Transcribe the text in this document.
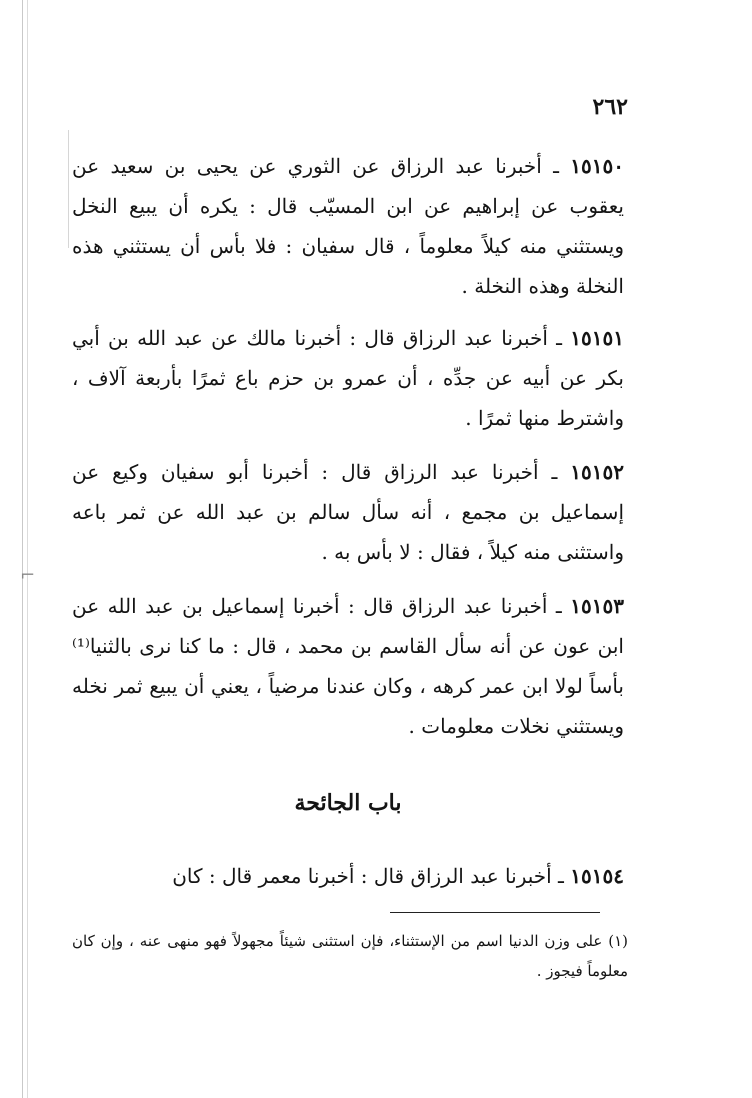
⌐
٢٦٢
١٥١٥٠ ـ أخبرنا عبد الرزاق عن الثوري عن يحيى بن سعيد عن يعقوب عن إبراهيم عن ابن المسيّب قال : يكره أن يبيع النخل ويستثني منه كيلاً معلوماً ، قال سفيان : فلا بأس أن يستثني هذه النخلة وهذه النخلة .
١٥١٥١ ـ أخبرنا عبد الرزاق قال : أخبرنا مالك عن عبد الله بن أبي بكر عن أبيه عن جدِّه ، أن عمرو بن حزم باع ثمرًا بأربعة آلاف ، واشترط منها ثمرًا .
١٥١٥٢ ـ أخبرنا عبد الرزاق قال : أخبرنا أبو سفيان وكيع عن إسماعيل بن مجمع ، أنه سأل سالم بن عبد الله عن ثمر باعه واستثنى منه كيلاً ، فقال : لا بأس به .
١٥١٥٣ ـ أخبرنا عبد الرزاق قال : أخبرنا إسماعيل بن عبد الله عن ابن عون عن أنه سأل القاسم بن محمد ، قال : ما كنا نرى بالثنيا⁽¹⁾ بأساً لولا ابن عمر كرهه ، وكان عندنا مرضياً ، يعني أن يبيع ثمر نخله ويستثني نخلات معلومات .
باب الجائحة
١٥١٥٤ ـ أخبرنا عبد الرزاق قال : أخبرنا معمر قال : كان
(١) على وزن الدنيا اسم من الإستثناء، فإن استثنى شيئاً مجهولاً فهو منهى عنه ، وإن كان معلوماً فيجوز .
